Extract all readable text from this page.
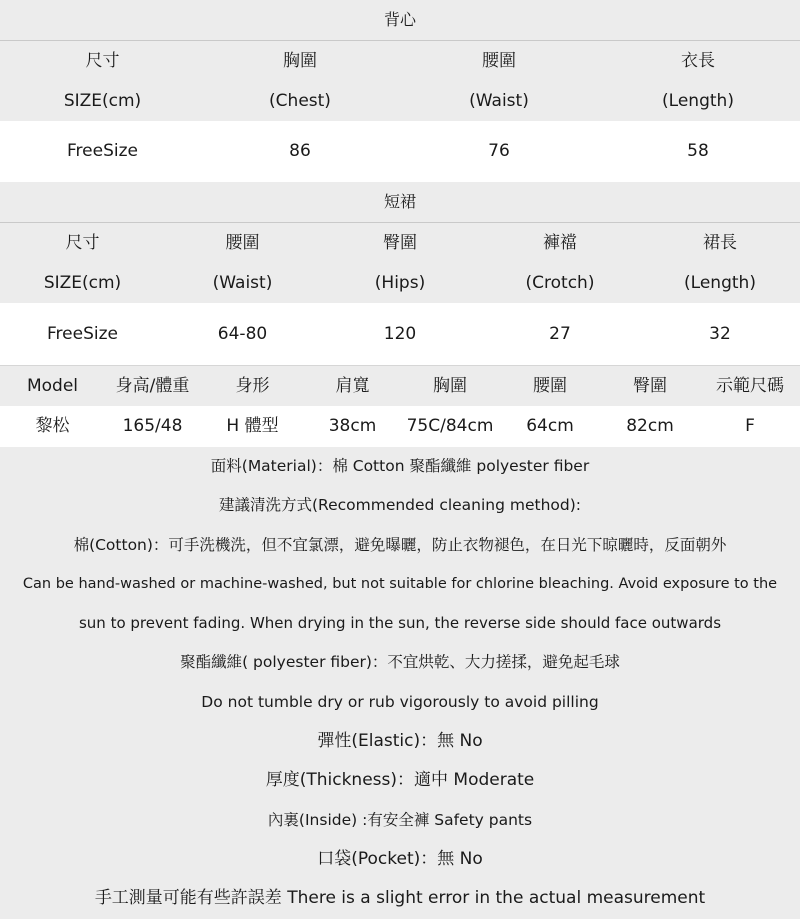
背心
尺寸	胸圍	腰圍	衣長
SIZE(cm)	(Chest)	(Waist)	(Length)
FreeSize	86	76	58
短裙
尺寸	腰圍	臀圍	褲襠	裙長
SIZE(cm)	(Waist)	(Hips)	(Crotch)	(Length)
FreeSize	64-80	120	27	32
Model	身高/體重	身形	肩寬	胸圍	腰圍	臀圍	示範尺碼
黎松	165/48	H 體型	38cm	75C/84cm	64cm	82cm	F
面料(Material)：棉 Cotton 聚酯纖維 polyester fiber
建議清洗方式(Recommended cleaning method):
棉(Cotton)：可手洗機洗，但不宜氯漂，避免曝曬，防止衣物褪色，在日光下晾曬時，反面朝外
Can be hand-washed or machine-washed, but not suitable for chlorine bleaching. Avoid exposure to the
sun to prevent fading. When drying in the sun, the reverse side should face outwards
聚酯纖維( polyester fiber)：不宜烘乾、大力搓揉，避免起毛球
Do not tumble dry or rub vigorously to avoid pilling
彈性(Elastic)：無 No
厚度(Thickness)：適中 Moderate
內裏(Inside) :有安全褲 Safety pants
口袋(Pocket)：無 No
手工測量可能有些許誤差 There is a slight error in the actual measurement
